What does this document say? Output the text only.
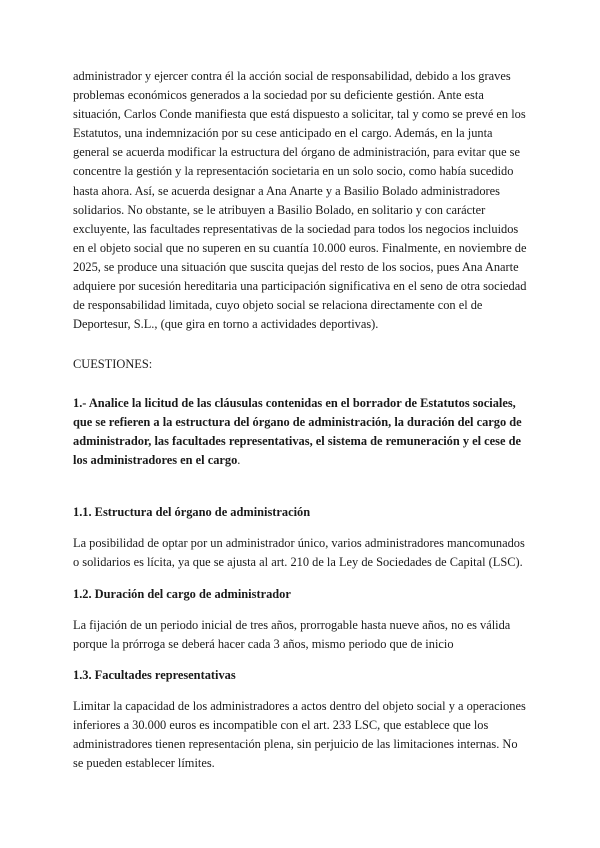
administrador y ejercer contra él la acción social de responsabilidad, debido a los graves problemas económicos generados a la sociedad por su deficiente gestión. Ante esta situación, Carlos Conde manifiesta que está dispuesto a solicitar, tal y como se prevé en los Estatutos, una indemnización por su cese anticipado en el cargo. Además, en la junta general se acuerda modificar la estructura del órgano de administración, para evitar que se concentre la gestión y la representación societaria en un solo socio, como había sucedido hasta ahora. Así, se acuerda designar a Ana Anarte y a Basilio Bolado administradores solidarios. No obstante, se le atribuyen a Basilio Bolado, en solitario y con carácter excluyente, las facultades representativas de la sociedad para todos los negocios incluidos en el objeto social que no superen en su cuantía 10.000 euros. Finalmente, en noviembre de 2025, se produce una situación que suscita quejas del resto de los socios, pues Ana Anarte adquiere por sucesión hereditaria una participación significativa en el seno de otra sociedad de responsabilidad limitada, cuyo objeto social se relaciona directamente con el de Deportesur, S.L., (que gira en torno a actividades deportivas).

CUESTIONES:

1.- Analice la licitud de las cláusulas contenidas en el borrador de Estatutos sociales, que se refieren a la estructura del órgano de administración, la duración del cargo de administrador, las facultades representativas, el sistema de remuneración y el cese de los administradores en el cargo.

1.1. Estructura del órgano de administración

La posibilidad de optar por un administrador único, varios administradores mancomunados o solidarios es lícita, ya que se ajusta al art. 210 de la Ley de Sociedades de Capital (LSC).

1.2. Duración del cargo de administrador

La fijación de un periodo inicial de tres años, prorrogable hasta nueve años, no es válida porque la prórroga se deberá hacer cada 3 años, mismo periodo que de inicio

1.3. Facultades representativas

Limitar la capacidad de los administradores a actos dentro del objeto social y a operaciones inferiores a 30.000 euros es incompatible con el art. 233 LSC, que establece que los administradores tienen representación plena, sin perjuicio de las limitaciones internas. No se pueden establecer límites.
